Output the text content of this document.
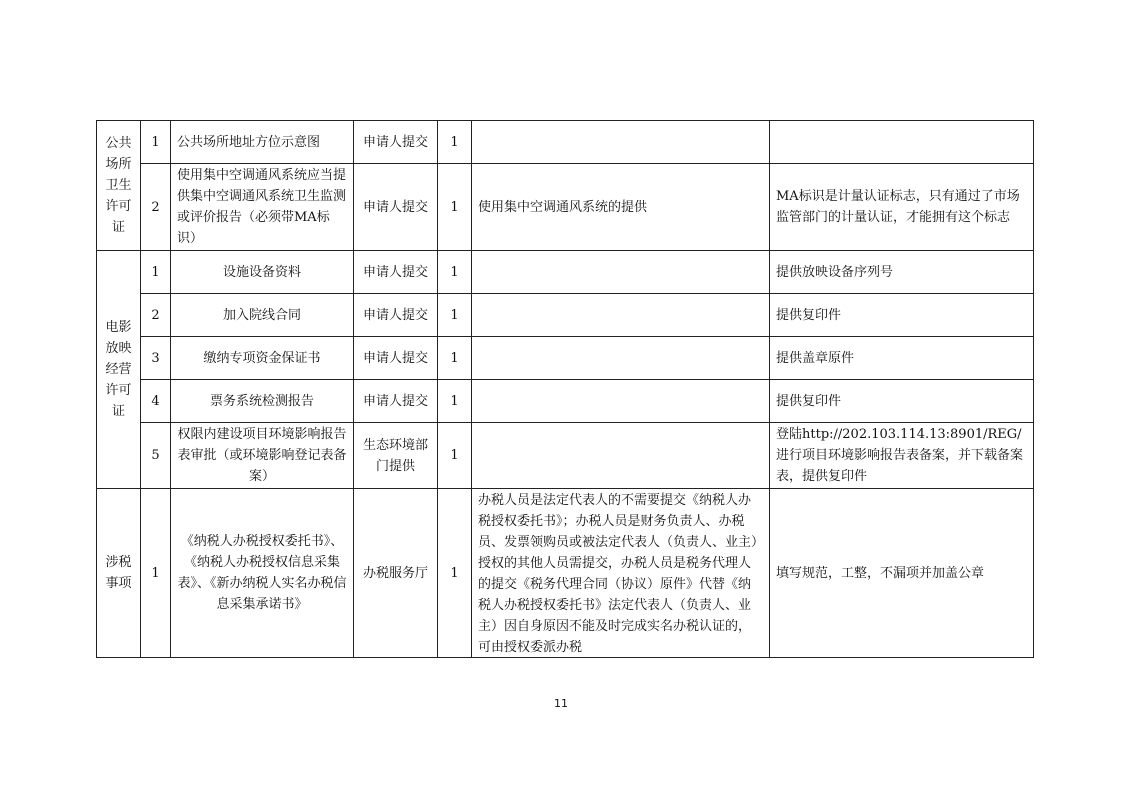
公共场所卫生许可证	1	公共场所地址方位示意图	申请人提交	1		
	2	使用集中空调通风系统应当提供集中空调通风系统卫生监测或评价报告（必须带MA标识）	申请人提交	1	使用集中空调通风系统的提供	MA标识是计量认证标志，只有通过了市场监管部门的计量认证，才能拥有这个标志
电影放映经营许可证	1	设施设备资料	申请人提交	1		提供放映设备序列号
	2	加入院线合同	申请人提交	1		提供复印件
	3	缴纳专项资金保证书	申请人提交	1		提供盖章原件
	4	票务系统检测报告	申请人提交	1		提供复印件
	5	权限内建设项目环境影响报告表审批（或环境影响登记表备案）	生态环境部门提供	1		登陆http://202.103.114.13:8901/REG/进行项目环境影响报告表备案，并下载备案表，提供复印件
涉税事项	1	《纳税人办税授权委托书》、《纳税人办税授权信息采集表》、《新办纳税人实名办税信息采集承诺书》	办税服务厅	1	办税人员是法定代表人的不需要提交《纳税人办税授权委托书》；办税人员是财务负责人、办税员、发票领购员或被法定代表人（负责人、业主）授权的其他人员需提交，办税人员是税务代理人的提交《税务代理合同（协议）原件》代替《纳税人办税授权委托书》法定代表人（负责人、业主）因自身原因不能及时完成实名办税认证的，可由授权委派办税	填写规范，工整，不漏项并加盖公章
11
